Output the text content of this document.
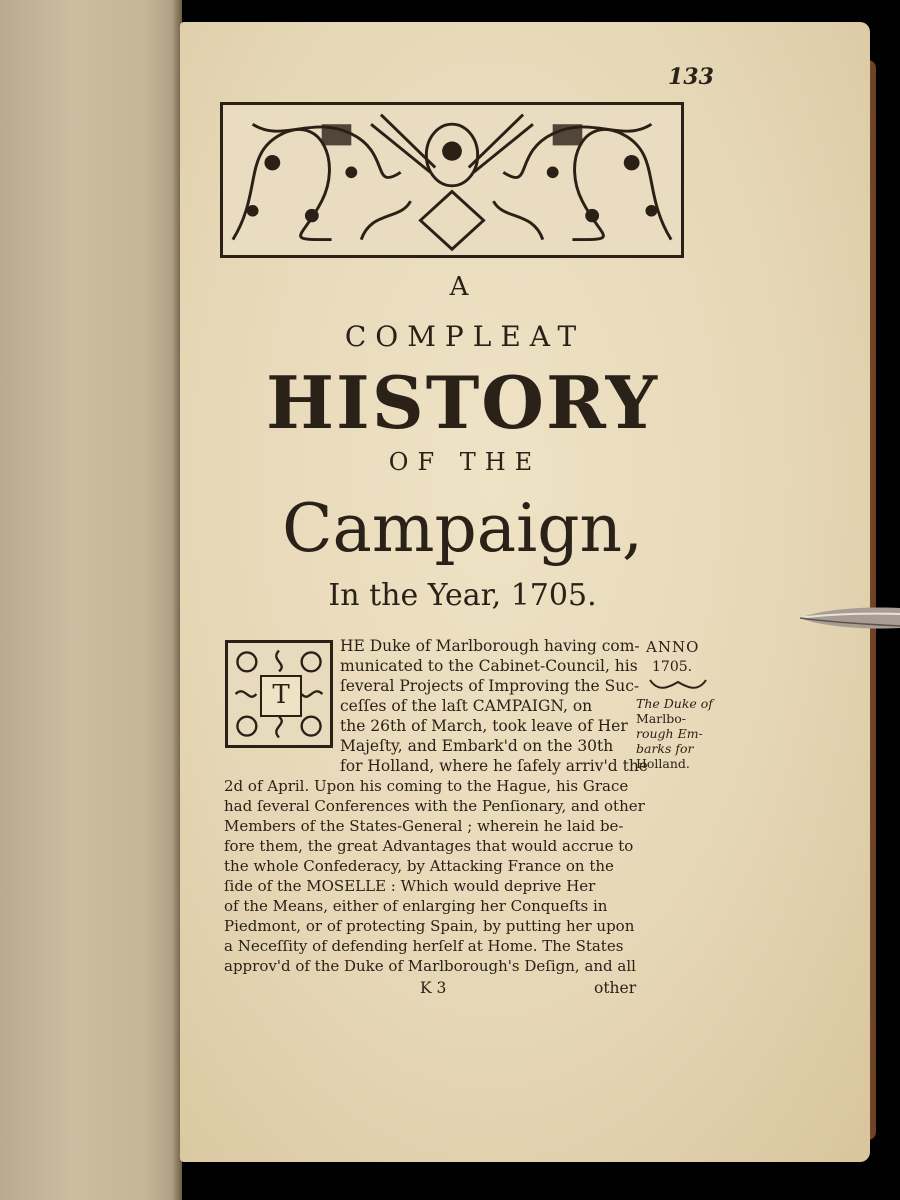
133
A
COMPLEAT
HISTORY
OF THE
Campaign,
In the Year, 1705.
T
HE Duke of Marlborough having com-
municated to the Cabinet-Council, his
ſeveral Projects of Improving the Suc-
ceſſes of the laſt CAMPAIGN, on
the 26th of March, took leave of Her
Majeſty, and Embark'd on the 30th
for Holland, where he ſafely arriv'd the
2d of April. Upon his coming to the Hague, his Grace
had ſeveral Conferences with the Penſionary, and other
Members of the States-General ; wherein he laid be-
fore them, the great Advantages that would accrue to
the whole Confederacy, by Attacking France on the
ſide of the MOSELLE : Which would deprive Her
of the Means, either of enlarging her Conqueſts in
Piedmont, or of protecting Spain, by putting her upon
a Neceſſity of defending herſelf at Home. The States
approv'd of the Duke of Marlborough's Deſign, and all
K 3	other
ANNO
1705.
The Duke of
Marlbo-
rough Em-
barks for
Holland.
